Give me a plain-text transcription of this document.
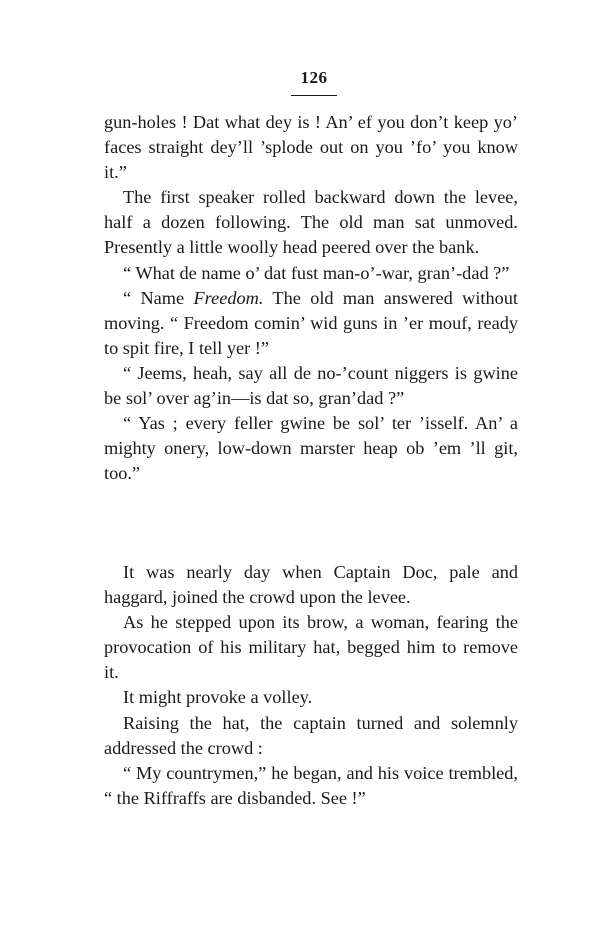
126

gun-holes ! Dat what dey is ! An’ ef you don’t keep yo’ faces straight dey’ll ’splode out on you ’fo’ you know it.”

The first speaker rolled backward down the levee, half a dozen following. The old man sat unmoved. Presently a little woolly head peered over the bank.

“ What de name o’ dat fust man-o’-war, gran’-dad ?”

“ Name Freedom. The old man answered without moving. “ Freedom comin’ wid guns in ’er mouf, ready to spit fire, I tell yer !”

“ Jeems, heah, say all de no-’count niggers is gwine be sol’ over ag’in—is dat so, gran’dad ?”

“ Yas ; every feller gwine be sol’ ter ’isself. An’ a mighty onery, low-down marster heap ob ’em ’ll git, too.”

It was nearly day when Captain Doc, pale and haggard, joined the crowd upon the levee.

As he stepped upon its brow, a woman, fearing the provocation of his military hat, begged him to remove it.

It might provoke a volley.

Raising the hat, the captain turned and solemnly addressed the crowd :

“ My countrymen,” he began, and his voice trembled, “ the Riffraffs are disbanded. See !”
